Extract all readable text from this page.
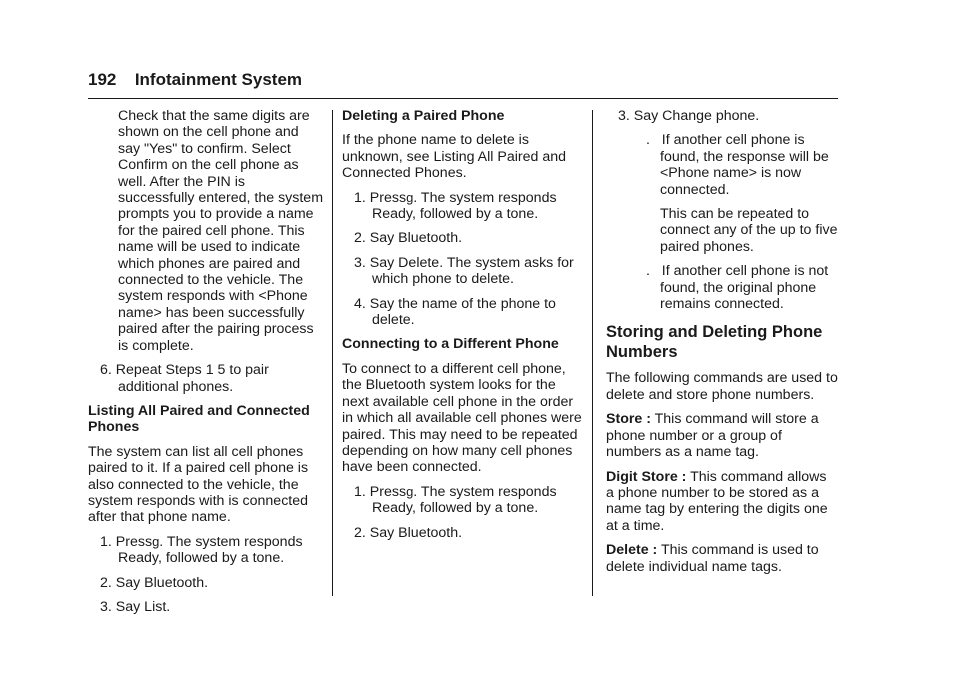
192 Infotainment System

Check that the same digits are shown on the cell phone and say "Yes" to confirm. Select Confirm on the cell phone as well. After the PIN is successfully entered, the system prompts you to provide a name for the paired cell phone. This name will be used to indicate which phones are paired and connected to the vehicle. The system responds with <Phone name> has been successfully paired after the pairing process is complete.

6. Repeat Steps 1 5 to pair additional phones.

Listing All Paired and Connected Phones

The system can list all cell phones paired to it. If a paired cell phone is also connected to the vehicle, the system responds with is connected after that phone name.

1. Pressg. The system responds Ready, followed by a tone.

2. Say Bluetooth.

3. Say List.

Deleting a Paired Phone

If the phone name to delete is unknown, see Listing All Paired and Connected Phones.

1. Pressg. The system responds Ready, followed by a tone.

2. Say Bluetooth.

3. Say Delete. The system asks for which phone to delete.

4. Say the name of the phone to delete.

Connecting to a Different Phone

To connect to a different cell phone, the Bluetooth system looks for the next available cell phone in the order in which all available cell phones were paired. This may need to be repeated depending on how many cell phones have been connected.

1. Pressg. The system responds Ready, followed by a tone.

2. Say Bluetooth.

3. Say Change phone.

. If another cell phone is found, the response will be <Phone name> is now connected.

This can be repeated to connect any of the up to five paired phones.

. If another cell phone is not found, the original phone remains connected.

Storing and Deleting Phone Numbers

The following commands are used to delete and store phone numbers.

Store : This command will store a phone number or a group of numbers as a name tag.

Digit Store : This command allows a phone number to be stored as a name tag by entering the digits one at a time.

Delete : This command is used to delete individual name tags.
